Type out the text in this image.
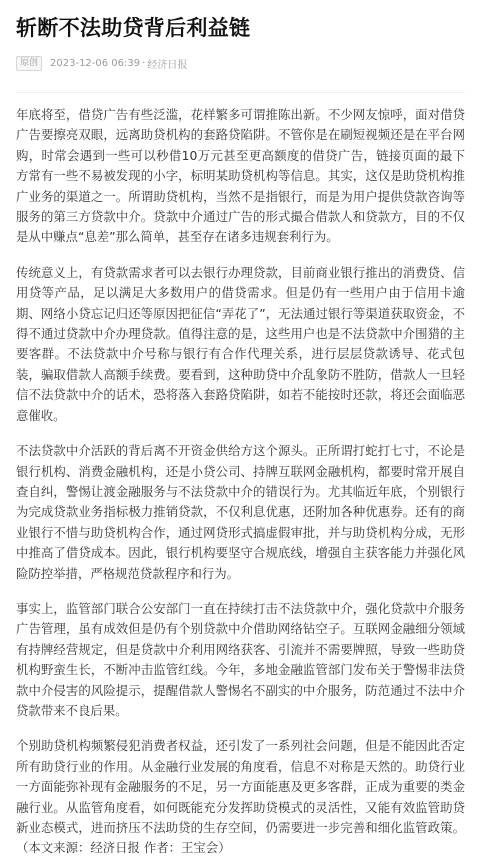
斩断不法助贷背后利益链
原创	2023-12-06 06:39 · 经济日报

年底将至，借贷广告有些泛滥，花样繁多可谓推陈出新。不少网友惊呼，面对借贷广告要擦亮双眼，远离助贷机构的套路贷陷阱。不管你是在刷短视频还是在平台网购，时常会遇到一些可以秒借10万元甚至更高额度的借贷广告，链接页面的最下方常有一些不易被发现的小字，标明某助贷机构等信息。其实，这仅是助贷机构推广业务的渠道之一。所谓助贷机构，当然不是指银行，而是为用户提供贷款咨询等服务的第三方贷款中介。贷款中介通过广告的形式撮合借款人和贷款方，目的不仅是从中赚点“息差”那么简单，甚至存在诸多违规套利行为。

传统意义上，有贷款需求者可以去银行办理贷款，目前商业银行推出的消费贷、信用贷等产品，足以满足大多数用户的借贷需求。但是仍有一些用户由于信用卡逾期、网络小贷忘记归还等原因把征信“弄花了”，无法通过银行等渠道获取资金，不得不通过贷款中介办理贷款。值得注意的是，这些用户也是不法贷款中介围猎的主要客群。不法贷款中介号称与银行有合作代理关系，进行层层贷款诱导、花式包装，骗取借款人高额手续费。要看到，这种助贷中介乱象防不胜防，借款人一旦轻信不法贷款中介的话术，恐将落入套路贷陷阱，如若不能按时还款，将还会面临恶意催收。

不法贷款中介活跃的背后离不开资金供给方这个源头。正所谓打蛇打七寸，不论是银行机构、消费金融机构，还是小贷公司、持牌互联网金融机构，都要时常开展自查自纠，警惕让渡金融服务与不法贷款中介的错误行为。尤其临近年底，个别银行为完成贷款业务指标极力推销贷款，不仅利息优惠，还附加各种优惠券。还有的商业银行不惜与助贷机构合作，通过网贷形式搞虚假审批，并与助贷机构分成，无形中推高了借贷成本。因此，银行机构要坚守合规底线，增强自主获客能力并强化风险防控举措，严格规范贷款程序和行为。

事实上，监管部门联合公安部门一直在持续打击不法贷款中介，强化贷款中介服务广告管理，虽有成效但是仍有个别贷款中介借助网络钻空子。互联网金融细分领域有持牌经营规定，但是贷款中介利用网络获客、引流并不需要牌照，导致一些助贷机构野蛮生长，不断冲击监管红线。今年，多地金融监管部门发布关于警惕非法贷款中介侵害的风险提示，提醒借款人警惕名不副实的中介服务，防范通过不法中介贷款带来不良后果。

个别助贷机构频繁侵犯消费者权益，还引发了一系列社会问题，但是不能因此否定所有助贷行业的作用。从金融行业发展的角度看，信息不对称是天然的。助贷行业一方面能弥补现有金融服务的不足，另一方面能惠及更多客群，正成为重要的类金融行业。从监管角度看，如何既能充分发挥助贷模式的灵活性，又能有效监管助贷新业态模式，进而挤压不法助贷的生存空间，仍需要进一步完善和细化监管政策。（本文来源：经济日报 作者：王宝会）
